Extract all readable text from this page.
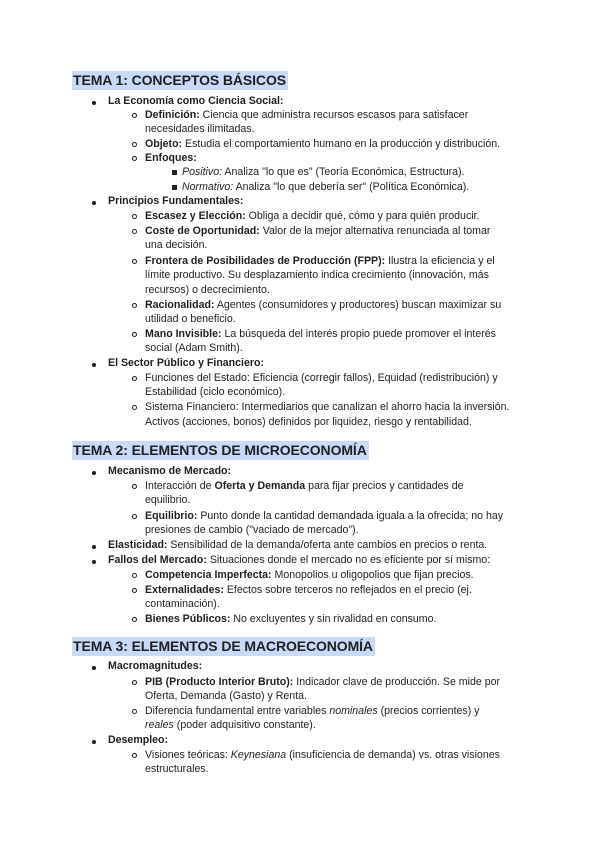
TEMA 1: CONCEPTOS BÁSICOS
La Economía como Ciencia Social:
Definición: Ciencia que administra recursos escasos para satisfacer
necesidades ilimitadas.
Objeto: Estudia el comportamiento humano en la producción y distribución.
Enfoques:
Positivo: Analiza "lo que es" (Teoría Económica, Estructura).
Normativo: Analiza "lo que debería ser" (Política Económica).
Principios Fundamentales:
Escasez y Elección: Obliga a decidir qué, cómo y para quién producir.
Coste de Oportunidad: Valor de la mejor alternativa renunciada al tomar
una decisión.
Frontera de Posibilidades de Producción (FPP): Ilustra la eficiencia y el
límite productivo. Su desplazamiento indica crecimiento (innovación, más
recursos) o decrecimiento.
Racionalidad: Agentes (consumidores y productores) buscan maximizar su
utilidad o beneficio.
Mano Invisible: La búsqueda del interés propio puede promover el interés
social (Adam Smith).
El Sector Público y Financiero:
Funciones del Estado: Eficiencia (corregir fallos), Equidad (redistribución) y
Estabilidad (ciclo económico).
Sistema Financiero: Intermediarios que canalizan el ahorro hacia la inversión.
Activos (acciones, bonos) definidos por liquidez, riesgo y rentabilidad.
TEMA 2: ELEMENTOS DE MICROECONOMÍA
Mecanismo de Mercado:
Interacción de Oferta y Demanda para fijar precios y cantidades de
equilibrio.
Equilibrio: Punto donde la cantidad demandada iguala a la ofrecida; no hay
presiones de cambio ("vaciado de mercado").
Elasticidad: Sensibilidad de la demanda/oferta ante cambios en precios o renta.
Fallos del Mercado: Situaciones donde el mercado no es eficiente por sí mismo:
Competencia Imperfecta: Monopolios u oligopolios que fijan precios.
Externalidades: Efectos sobre terceros no reflejados en el precio (ej.
contaminación).
Bienes Públicos: No excluyentes y sin rivalidad en consumo.
TEMA 3: ELEMENTOS DE MACROECONOMÍA
Macromagnitudes:
PIB (Producto Interior Bruto): Indicador clave de producción. Se mide por
Oferta, Demanda (Gasto) y Renta.
Diferencia fundamental entre variables nominales (precios corrientes) y
reales (poder adquisitivo constante).
Desempleo:
Visiones teóricas: Keynesiana (insuficiencia de demanda) vs. otras visiones
estructurales.
